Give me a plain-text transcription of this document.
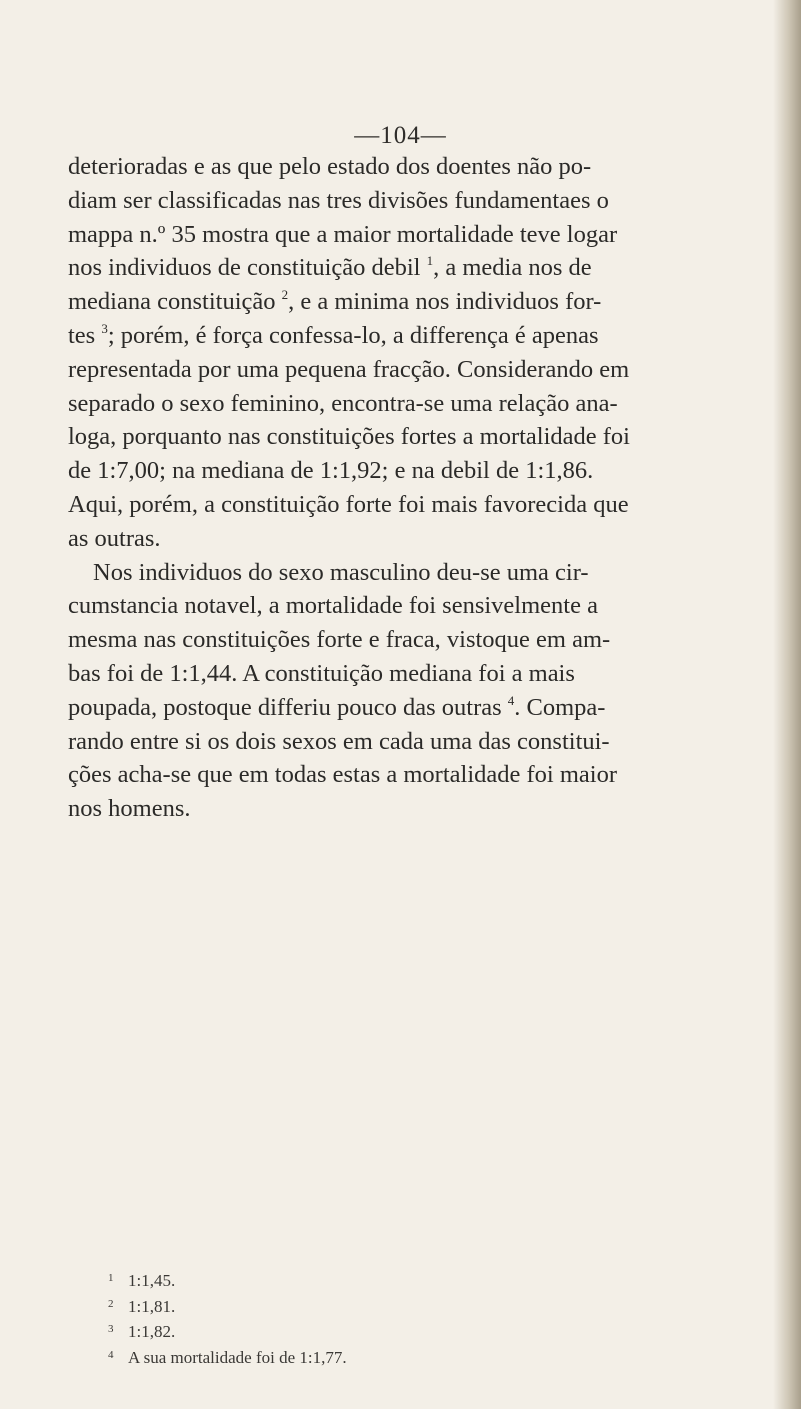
—104—

deterioradas e as que pelo estado dos doentes não po-
diam ser classificadas nas tres divisões fundamentaes o
mappa n.º 35 mostra que a maior mortalidade teve logar
nos individuos de constituição debil $^1$, a media nos de
mediana constituição $^2$, e a minima nos individuos for-
tes $^3$; porém, é força confessa-lo, a differença é apenas
representada por uma pequena fracção. Considerando em
separado o sexo feminino, encontra-se uma relação ana-
loga, porquanto nas constituições fortes a mortalidade foi
de 1:7,00; na mediana de 1:1,92; e na debil de 1:1,86.
Aqui, porém, a constituição forte foi mais favorecida que
as outras.

Nos individuos do sexo masculino deu-se uma cir-
cumstancia notavel, a mortalidade foi sensivelmente a
mesma nas constituições forte e fraca, vistoque em am-
bas foi de 1:1,44. A constituição mediana foi a mais
poupada, postoque differiu pouco das outras $^4$. Compa-
rando entre si os dois sexos em cada uma das constitui-
ções acha-se que em todas estas a mortalidade foi maior
nos homens.

1 1:1,45.
2 1:1,81.
3 1:1,82.
4 A sua mortalidade foi de 1:1,77.
